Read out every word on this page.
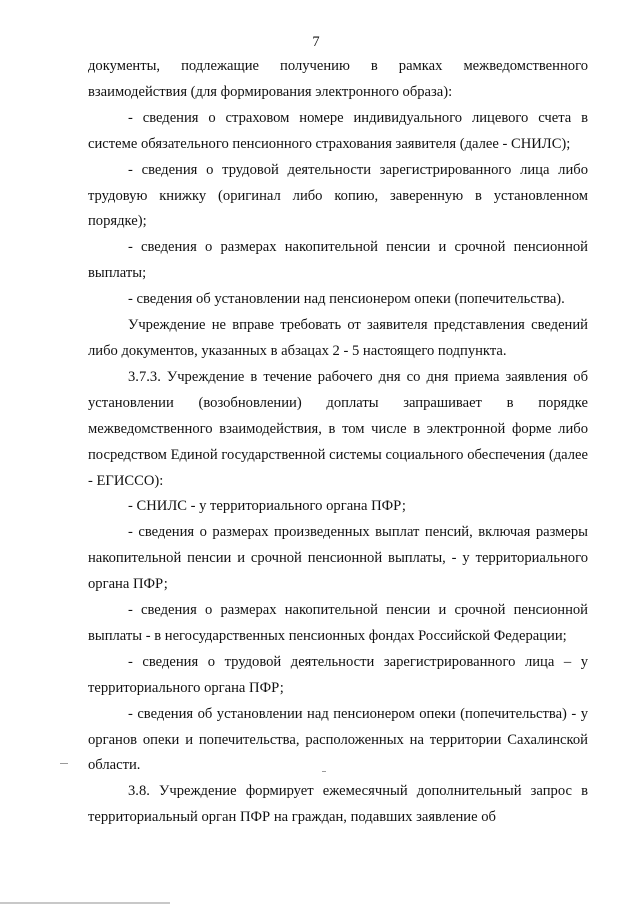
7

документы, подлежащие получению в рамках межведомственного взаимодействия (для формирования электронного образа):

- сведения о страховом номере индивидуального лицевого счета в системе обязательного пенсионного страхования заявителя (далее - СНИЛС);

- сведения о трудовой деятельности зарегистрированного лица либо трудовую книжку (оригинал либо копию, заверенную в установленном порядке);

- сведения о размерах накопительной пенсии и срочной пенсионной выплаты;

- сведения об установлении над пенсионером опеки (попечительства).

Учреждение не вправе требовать от заявителя представления сведений либо документов, указанных в абзацах 2 - 5 настоящего подпункта.

3.7.3. Учреждение в течение рабочего дня со дня приема заявления об установлении (возобновлении) доплаты запрашивает в порядке межведомственного взаимодействия, в том числе в электронной форме либо посредством Единой государственной системы социального обеспечения (далее - ЕГИССО):

- СНИЛС - у территориального органа ПФР;

- сведения о размерах произведенных выплат пенсий, включая размеры накопительной пенсии и срочной пенсионной выплаты, - у территориального органа ПФР;

- сведения о размерах накопительной пенсии и срочной пенсионной выплаты - в негосударственных пенсионных фондах Российской Федерации;

- сведения о трудовой деятельности зарегистрированного лица – у территориального органа ПФР;

- сведения об установлении над пенсионером опеки (попечительства) - у органов опеки и попечительства, расположенных на территории Сахалинской области.

3.8. Учреждение формирует ежемесячный дополнительный запрос в территориальный орган ПФР на граждан, подавших заявление об
